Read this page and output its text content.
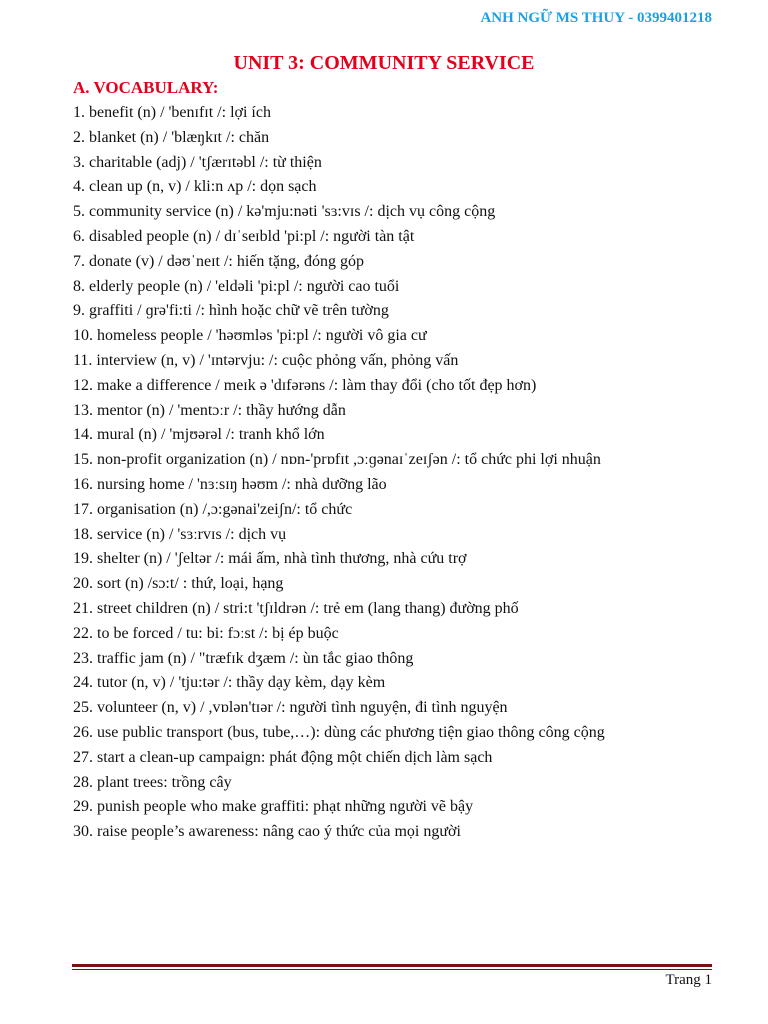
ANH NGỮ MS THUY - 0399401218
UNIT 3: COMMUNITY SERVICE
A. VOCABULARY:
1. benefit (n) / 'benɪfɪt /: lợi ích
2. blanket (n) / 'blæŋkɪt /: chăn
3. charitable (adj) / 'tʃærɪtəbl /: từ thiện
4. clean up (n, v) / kli:n ʌp /: dọn sạch
5. community service (n) / kə'mju:nəti 'sɜ:vɪs /: dịch vụ công cộng
6. disabled people (n) / dɪˈseɪbld 'pi:pl /: người tàn tật
7. donate (v) / dəʊˈneɪt /: hiến tặng, đóng góp
8. elderly people (n) / 'eldəli 'pi:pl /: người cao tuổi
9. graffiti / ɡrə'fi:ti /: hình hoặc chữ vẽ trên tường
10. homeless people / 'həʊmləs 'pi:pl /: người vô gia cư
11. interview (n, v) / 'ɪntərvju: /: cuộc phỏng vấn, phỏng vấn
12. make a difference / meɪk ə 'dɪfərəns /: làm thay đổi (cho tốt đẹp hơn)
13. mentor (n) / 'mentɔːr /: thầy hướng dẫn
14. mural (n) / 'mjʊərəl /: tranh khổ lớn
15. non-profit organization (n) / nɒn-'prɒfɪt ,ɔːɡənaɪˈzeɪʃən /: tổ chức phi lợi nhuận
16. nursing home / 'nɜːsɪŋ həʊm /: nhà dưỡng lão
17. organisation (n) /,ɔ:gənai'zeiʃn/: tổ chức
18. service (n) / 'sɜːrvɪs /: dịch vụ
19. shelter (n) / 'ʃeltər /: mái ấm, nhà tình thương, nhà cứu trợ
20. sort (n) /sɔ:t/ : thứ, loại, hạng
21. street children (n) / stri:t 'tʃɪldrən /: trẻ em (lang thang) đường phố
22. to be forced / tu: bi: fɔːst /: bị ép buộc
23. traffic jam (n) / "træfɪk dʒæm /: ùn tắc giao thông
24. tutor (n, v) / 'tju:tər /: thầy dạy kèm, dạy kèm
25. volunteer (n, v) / ,vɒlən'tɪər /: người tình nguyện, đi tình nguyện
26. use public transport (bus, tube,…): dùng các phương tiện giao thông công cộng
27. start a clean-up campaign: phát động một chiến dịch làm sạch
28. plant trees: trồng cây
29. punish people who make graffiti: phạt những người vẽ bậy
30. raise people’s awareness: nâng cao ý thức của mọi người
Trang 1
